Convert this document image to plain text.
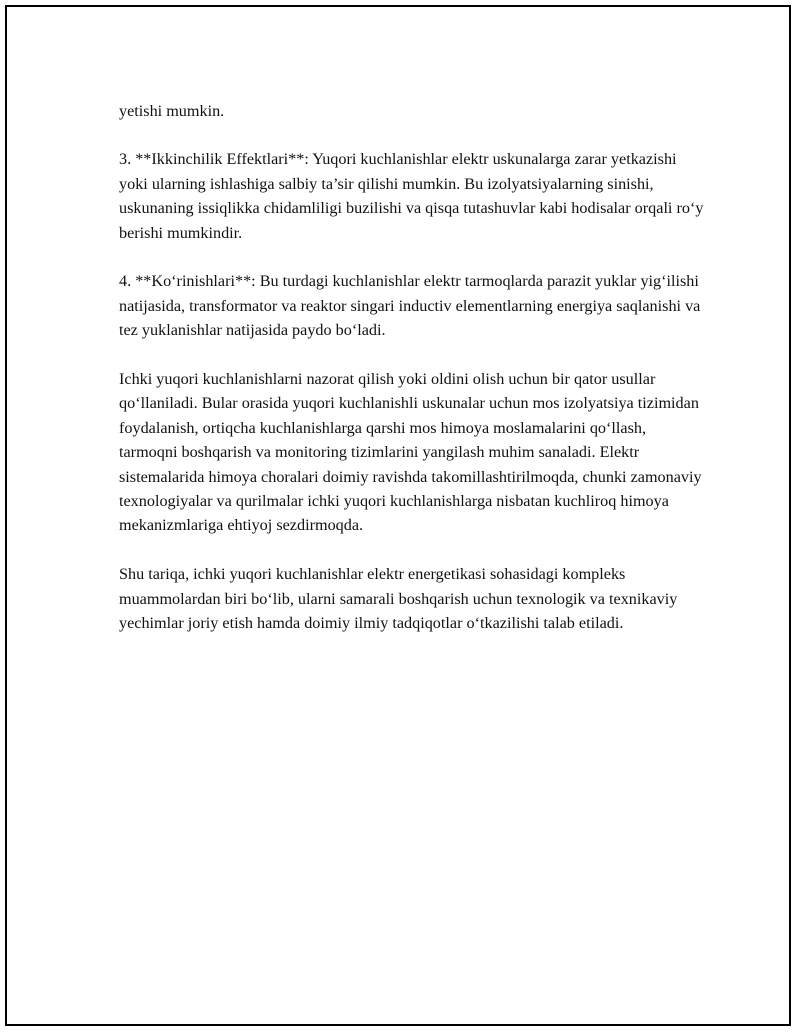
yetishi mumkin.

3. **Ikkinchilik Effektlari**: Yuqori kuchlanishlar elektr uskunalarga zarar yetkazishi yoki ularning ishlashiga salbiy ta’sir qilishi mumkin. Bu izolyatsiyalarning sinishi, uskunaning issiqlikka chidamliligi buzilishi va qisqa tutashuvlar kabi hodisalar orqali ro‘y berishi mumkindir.

4. **Ko‘rinishlari**: Bu turdagi kuchlanishlar elektr tarmoqlarda parazit yuklar yig‘ilishi natijasida, transformator va reaktor singari inductiv elementlarning energiya saqlanishi va tez yuklanishlar natijasida paydo bo‘ladi.

Ichki yuqori kuchlanishlarni nazorat qilish yoki oldini olish uchun bir qator usullar qo‘llaniladi. Bular orasida yuqori kuchlanishli uskunalar uchun mos izolyatsiya tizimidan foydalanish, ortiqcha kuchlanishlarga qarshi mos himoya moslamalarini qo‘llash, tarmoqni boshqarish va monitoring tizimlarini yangilash muhim sanaladi. Elektr sistemalarida himoya choralari doimiy ravishda takomillashtirilmoqda, chunki zamonaviy texnologiyalar va qurilmalar ichki yuqori kuchlanishlarga nisbatan kuchliroq himoya mekanizmlariga ehtiyoj sezdirmoqda.

Shu tariqa, ichki yuqori kuchlanishlar elektr energetikasi sohasidagi kompleks muammolardan biri bo‘lib, ularni samarali boshqarish uchun texnologik va texnikaviy yechimlar joriy etish hamda doimiy ilmiy tadqiqotlar o‘tkazilishi talab etiladi.
